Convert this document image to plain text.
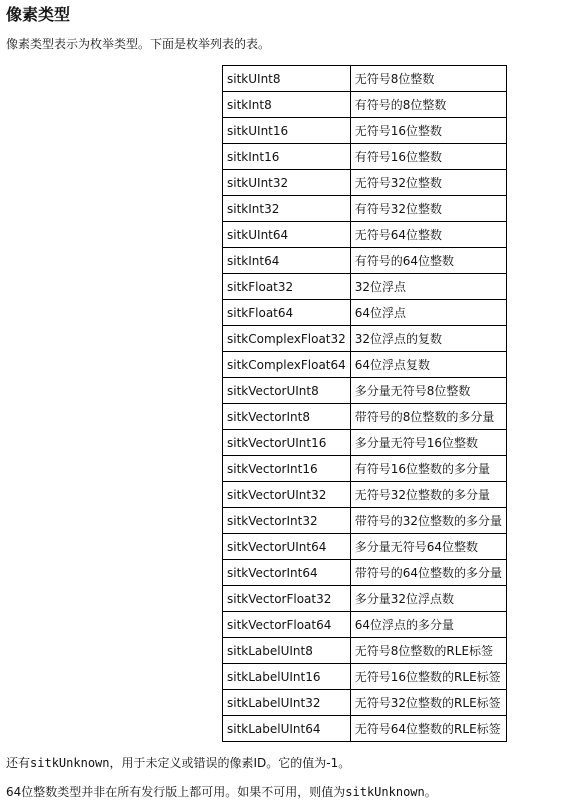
像素类型

像素类型表示为枚举类型。下面是枚举列表的表。

sitkUInt8	无符号8位整数
sitkInt8	有符号的8位整数
sitkUInt16	无符号16位整数
sitkInt16	有符号16位整数
sitkUInt32	无符号32位整数
sitkInt32	有符号32位整数
sitkUInt64	无符号64位整数
sitkInt64	有符号的64位整数
sitkFloat32	32位浮点
sitkFloat64	64位浮点
sitkComplexFloat32	32位浮点的复数
sitkComplexFloat64	64位浮点复数
sitkVectorUInt8	多分量无符号8位整数
sitkVectorInt8	带符号的8位整数的多分量
sitkVectorUInt16	多分量无符号16位整数
sitkVectorInt16	有符号16位整数的多分量
sitkVectorUInt32	无符号32位整数的多分量
sitkVectorInt32	带符号的32位整数的多分量
sitkVectorUInt64	多分量无符号64位整数
sitkVectorInt64	带符号的64位整数的多分量
sitkVectorFloat32	多分量32位浮点数
sitkVectorFloat64	64位浮点的多分量
sitkLabelUInt8	无符号8位整数的RLE标签
sitkLabelUInt16	无符号16位整数的RLE标签
sitkLabelUInt32	无符号32位整数的RLE标签
sitkLabelUInt64	无符号64位整数的RLE标签

还有sitkUnknown，用于未定义或错误的像素ID。它的值为-1。

64位整数类型并非在所有发行版上都可用。如果不可用，则值为sitkUnknown。
